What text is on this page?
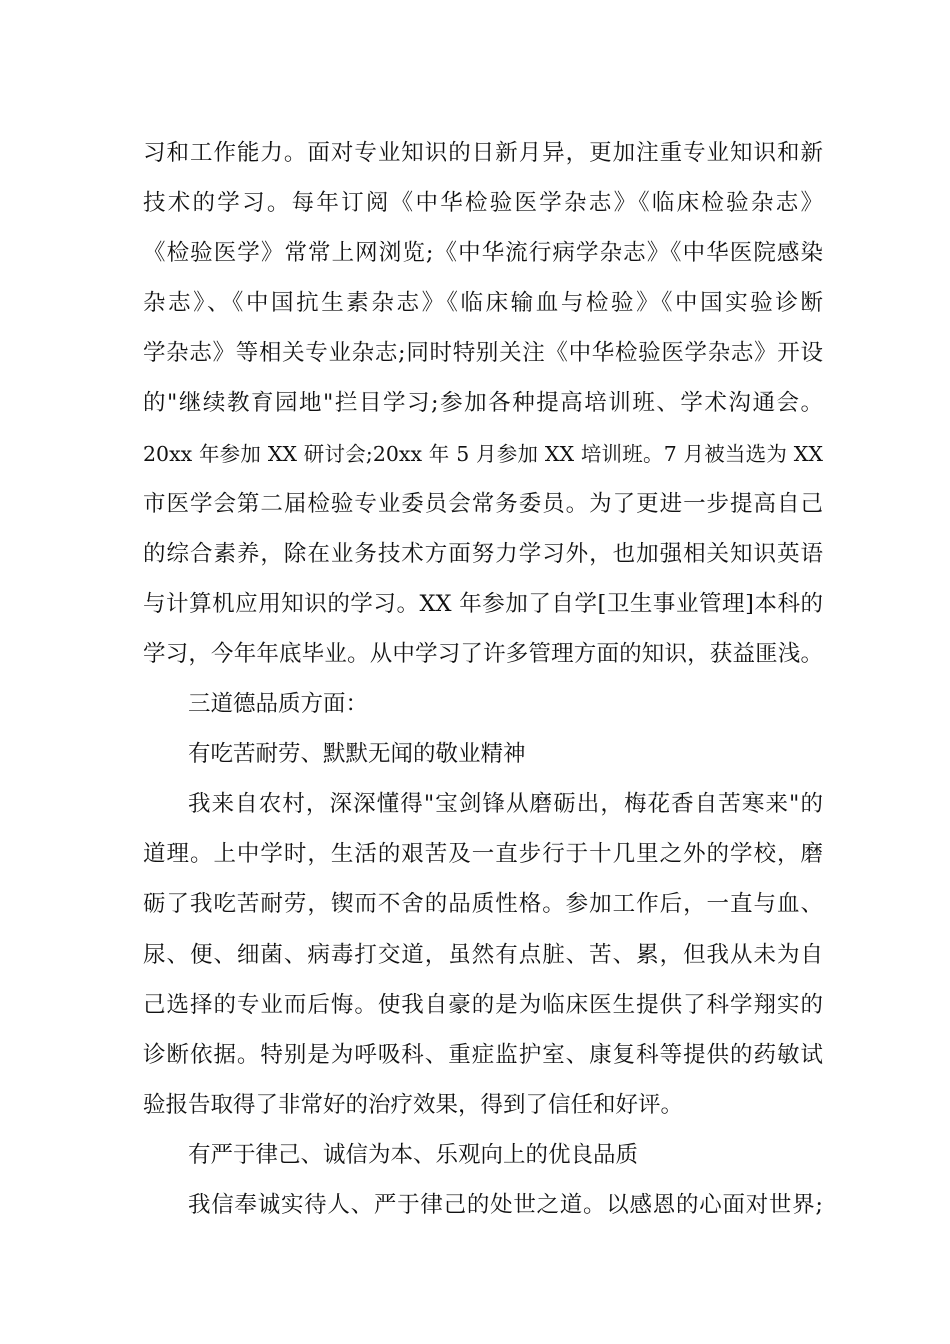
习和工作能力。面对专业知识的日新月异，更加注重专业知识和新
技术的学习。每年订阅《中华检验医学杂志》《临床检验杂志》
《检验医学》常常上网浏览;《中华流行病学杂志》《中华医院感染
杂志》、《中国抗生素杂志》《临床输血与检验》《中国实验诊断
学杂志》等相关专业杂志;同时特别关注《中华检验医学杂志》开设
的"继续教育园地"拦目学习;参加各种提高培训班、学术沟通会。
20xx 年参加 XX 研讨会;20xx 年 5 月参加 XX 培训班。7 月被当选为 XX
市医学会第二届检验专业委员会常务委员。为了更进一步提高自己
的综合素养，除在业务技术方面努力学习外，也加强相关知识英语
与计算机应用知识的学习。XX 年参加了自学[卫生事业管理]本科的
学习，今年年底毕业。从中学习了许多管理方面的知识，获益匪浅。
三道德品质方面：
有吃苦耐劳、默默无闻的敬业精神
我来自农村，深深懂得"宝剑锋从磨砺出，梅花香自苦寒来"的
道理。上中学时，生活的艰苦及一直步行于十几里之外的学校，磨
砺了我吃苦耐劳，锲而不舍的品质性格。参加工作后，一直与血、
尿、便、细菌、病毒打交道，虽然有点脏、苦、累，但我从未为自
己选择的专业而后悔。使我自豪的是为临床医生提供了科学翔实的
诊断依据。特别是为呼吸科、重症监护室、康复科等提供的药敏试
验报告取得了非常好的治疗效果，得到了信任和好评。
有严于律己、诚信为本、乐观向上的优良品质
我信奉诚实待人、严于律己的处世之道。以感恩的心面对世界;
